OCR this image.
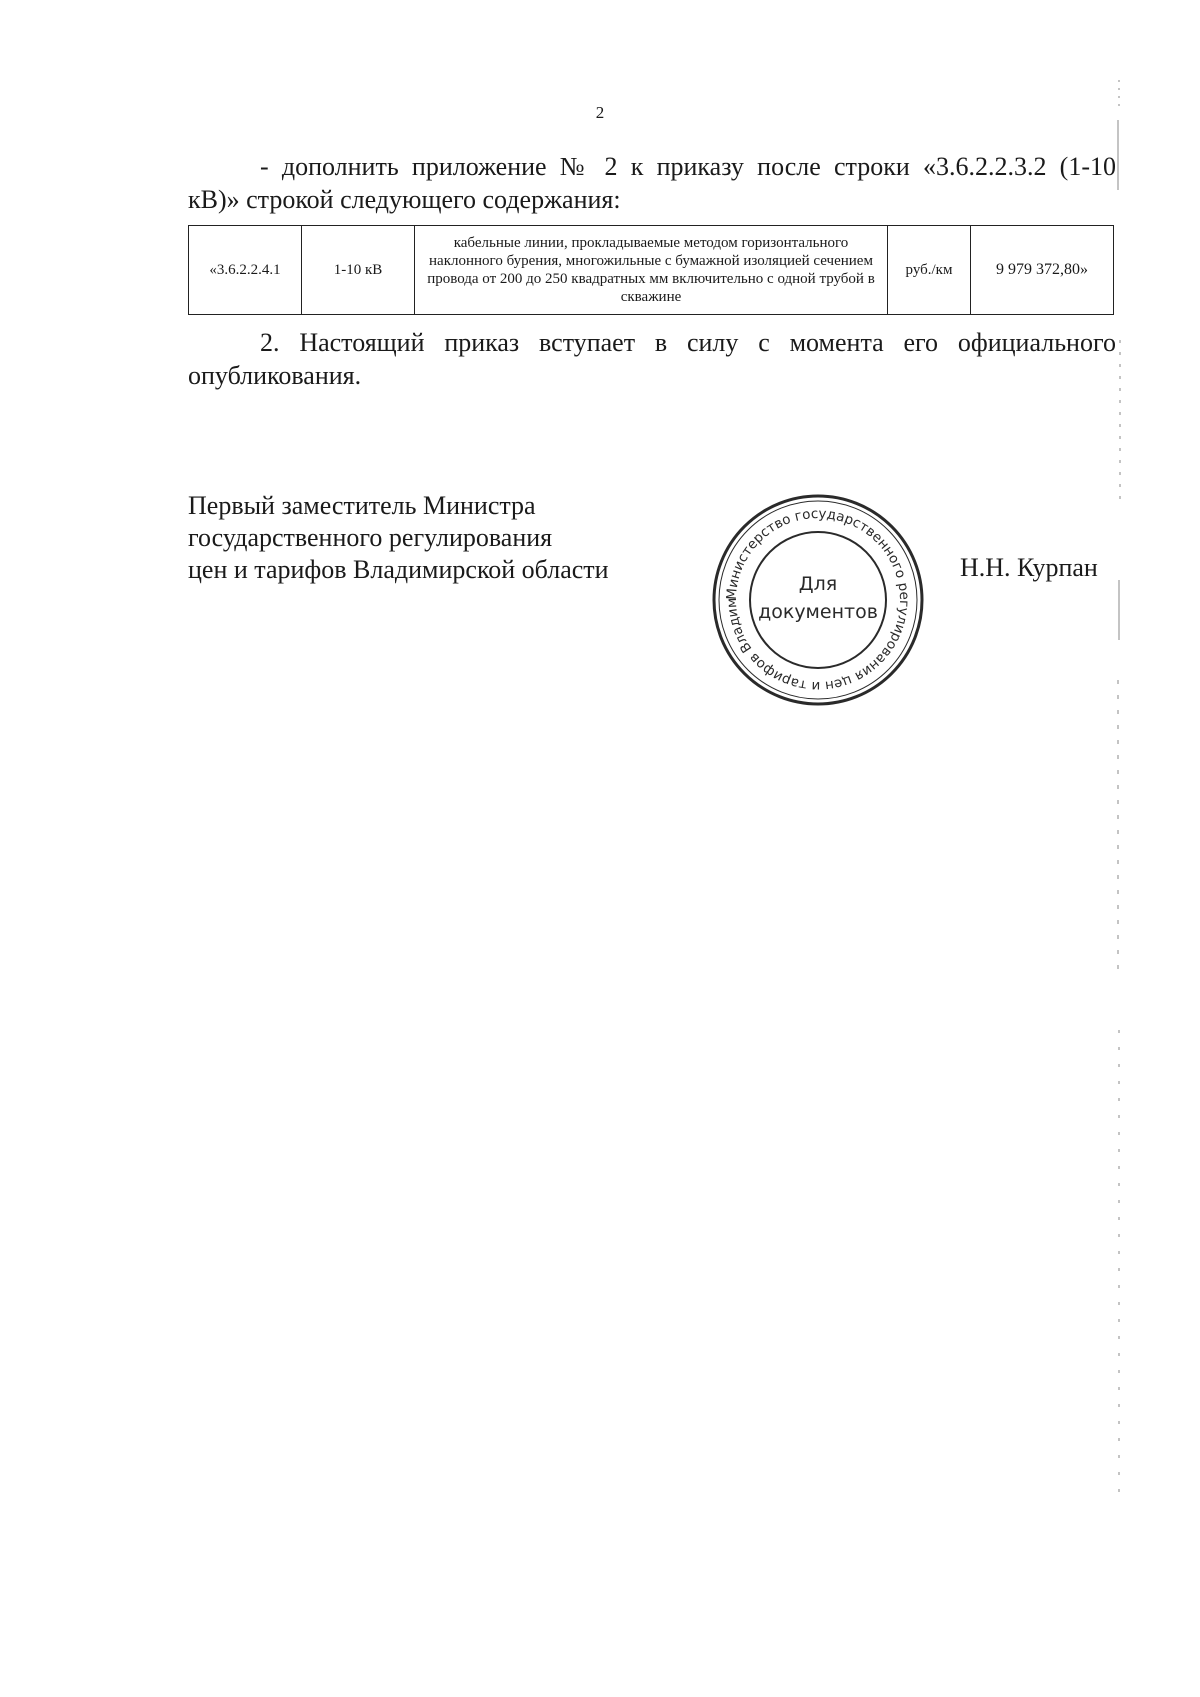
2
- дополнить приложение № 2 к приказу после строки «3.6.2.2.3.2 (1-10
кВ)» строкой следующего содержания:
«3.6.2.2.4.1	1-10 кВ	кабельные линии, прокладываемые методом горизонтального наклонного бурения, многожильные с бумажной изоляцией сечением провода от 200 до 250 квадратных мм включительно с одной трубой в скважине	руб./км	9 979 372,80»
2. Настоящий приказ вступает в силу с момента его официального
опубликования.
Первый заместитель Министра
государственного регулирования
цен и тарифов Владимирской области
Министерство государственного регулирования цен и тарифов Владим
Для
документов
Н.Н. Курпан
